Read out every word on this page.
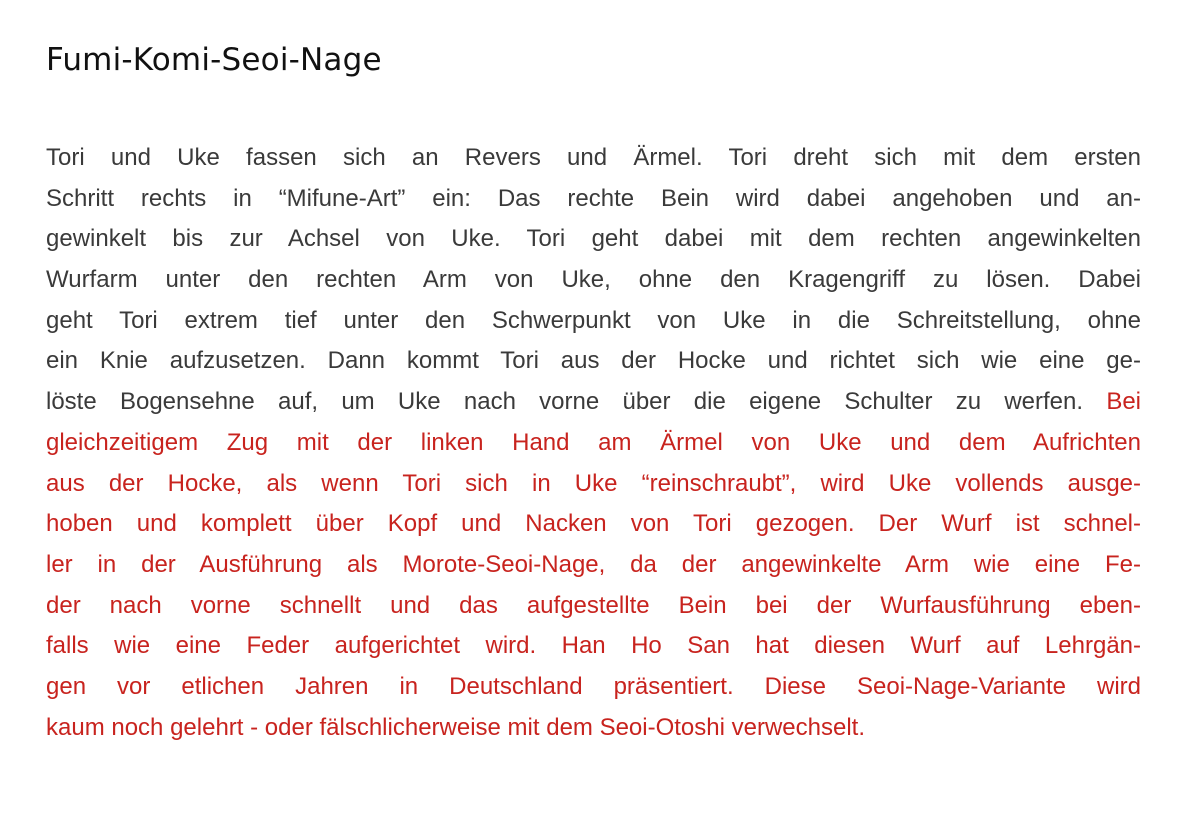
Fumi-Komi-Seoi-Nage
Tori und Uke fassen sich an Revers und Ärmel. Tori dreht sich mit dem ersten
Schritt rechts in “Mifune-Art” ein: Das rechte Bein wird dabei angehoben und an-
gewinkelt bis zur Achsel von Uke. Tori geht dabei mit dem rechten angewinkelten
Wurfarm unter den rechten Arm von Uke, ohne den Kragengriff zu lösen. Dabei
geht Tori extrem tief unter den Schwerpunkt von Uke in die Schreitstellung, ohne
ein Knie aufzusetzen. Dann kommt Tori aus der Hocke und richtet sich wie eine ge-
löste Bogensehne auf, um Uke nach vorne über die eigene Schulter zu werfen. Bei
gleichzeitigem Zug mit der linken Hand am Ärmel von Uke und dem Aufrichten
aus der Hocke, als wenn Tori sich in Uke “reinschraubt”, wird Uke vollends ausge-
hoben und komplett über Kopf und Nacken von Tori gezogen. Der Wurf ist schnel-
ler in der Ausführung als Morote-Seoi-Nage, da der angewinkelte Arm wie eine Fe-
der nach vorne schnellt und das aufgestellte Bein bei der Wurfausführung eben-
falls wie eine Feder aufgerichtet wird. Han Ho San hat diesen Wurf auf Lehrgän-
gen vor etlichen Jahren in Deutschland präsentiert. Diese Seoi-Nage-Variante wird
kaum noch gelehrt - oder fälschlicherweise mit dem Seoi-Otoshi verwechselt.
